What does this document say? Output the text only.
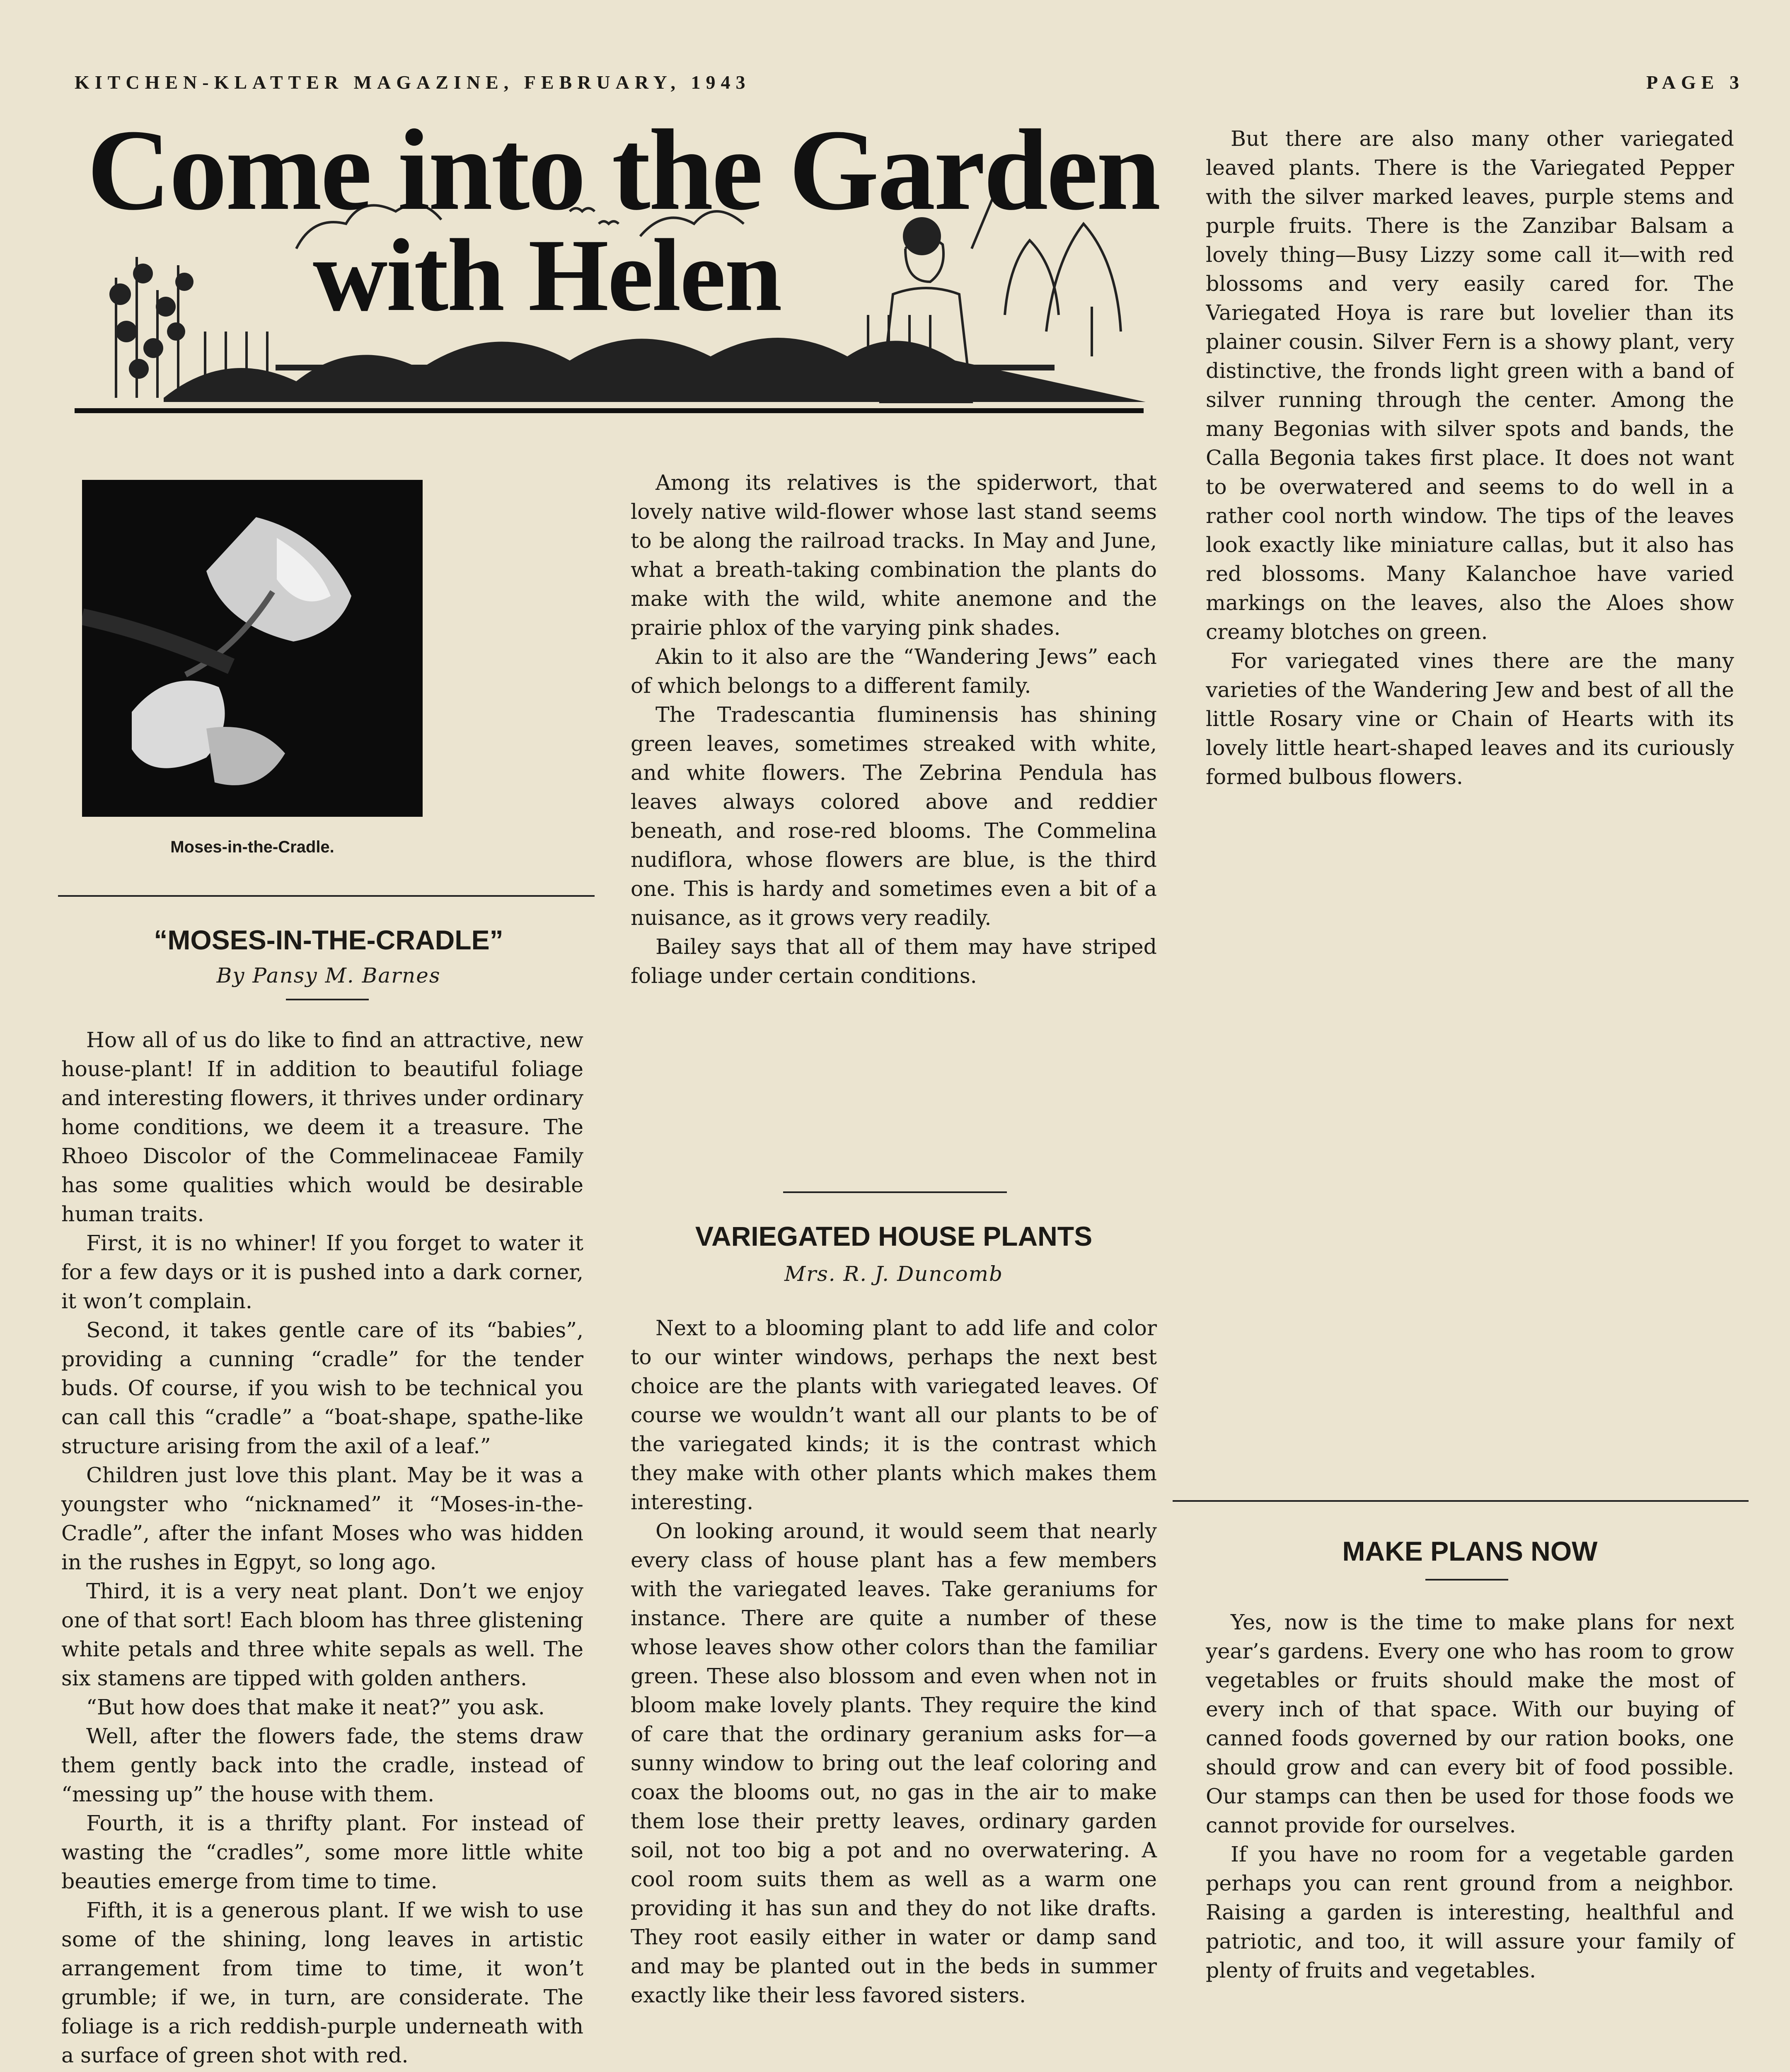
KITCHEN-KLATTER MAGAZINE, FEBRUARY, 1943	PAGE 3
Come into the Garden
with Helen
Moses-in-the-Cradle.
“MOSES-IN-THE-CRADLE”
By Pansy M. Barnes

How all of us do like to find an attractive, new house-plant! If in addition to beautiful foliage and interesting flowers, it thrives under ordinary home conditions, we deem it a treasure. The Rhoeo Discolor of the Commelinaceae Family has some qualities which would be desirable human traits.

First, it is no whiner! If you forget to water it for a few days or it is pushed into a dark corner, it won’t complain.

Second, it takes gentle care of its “babies”, providing a cunning “cradle” for the tender buds. Of course, if you wish to be technical you can call this “cradle” a “boat-shape, spathe-like structure arising from the axil of a leaf.”

Children just love this plant. May be it was a youngster who “nicknamed” it “Moses-in-the-Cradle”, after the infant Moses who was hidden in the rushes in Egpyt, so long ago.

Third, it is a very neat plant. Don’t we enjoy one of that sort! Each bloom has three glistening white petals and three white sepals as well. The six stamens are tipped with golden anthers.

“But how does that make it neat?” you ask.

Well, after the flowers fade, the stems draw them gently back into the cradle, instead of “messing up” the house with them.

Fourth, it is a thrifty plant. For instead of wasting the “cradles”, some more little white beauties emerge from time to time.

Fifth, it is a generous plant. If we wish to use some of the shining, long leaves in artistic arrangement from time to time, it won’t grumble; if we, in turn, are considerate. The foliage is a rich reddish-purple underneath with a surface of green shot with red.

Among its relatives is the spiderwort, that lovely native wild-flower whose last stand seems to be along the railroad tracks. In May and June, what a breath-taking combination the plants do make with the wild, white anemone and the prairie phlox of the varying pink shades.

Akin to it also are the “Wandering Jews” each of which belongs to a different family.

The Tradescantia fluminensis has shining green leaves, sometimes streaked with white, and white flowers. The Zebrina Pendula has leaves always colored above and reddier beneath, and rose-red blooms. The Commelina nudiflora, whose flowers are blue, is the third one. This is hardy and sometimes even a bit of a nuisance, as it grows very readily.

Bailey says that all of them may have striped foliage under certain conditions.

VARIEGATED HOUSE PLANTS
Mrs. R. J. Duncomb

Next to a blooming plant to add life and color to our winter windows, perhaps the next best choice are the plants with variegated leaves. Of course we wouldn’t want all our plants to be of the variegated kinds; it is the contrast which they make with other plants which makes them interesting.

On looking around, it would seem that nearly every class of house plant has a few members with the variegated leaves. Take geraniums for instance. There are quite a number of these whose leaves show other colors than the familiar green. These also blossom and even when not in bloom make lovely plants. They require the kind of care that the ordinary geranium asks for—a sunny window to bring out the leaf coloring and coax the blooms out, no gas in the air to make them lose their pretty leaves, ordinary garden soil, not too big a pot and no overwatering. A cool room suits them as well as a warm one providing it has sun and they do not like drafts. They root easily either in water or damp sand and may be planted out in the beds in summer exactly like their less favored sisters.

But there are also many other variegated leaved plants. There is the Variegated Pepper with the silver marked leaves, purple stems and purple fruits. There is the Zanzibar Balsam a lovely thing—Busy Lizzy some call it—with red blossoms and very easily cared for. The Variegated Hoya is rare but lovelier than its plainer cousin. Silver Fern is a showy plant, very distinctive, the fronds light green with a band of silver running through the center. Among the many Begonias with silver spots and bands, the Calla Begonia takes first place. It does not want to be overwatered and seems to do well in a rather cool north window. The tips of the leaves look exactly like miniature callas, but it also has red blossoms. Many Kalanchoe have varied markings on the leaves, also the Aloes show creamy blotches on green.

For variegated vines there are the many varieties of the Wandering Jew and best of all the little Rosary vine or Chain of Hearts with its lovely little heart-shaped leaves and its curiously formed bulbous flowers.

MAKE PLANS NOW

Yes, now is the time to make plans for next year’s gardens. Every one who has room to grow vegetables or fruits should make the most of every inch of that space. With our buying of canned foods governed by our ration books, one should grow and can every bit of food possible. Our stamps can then be used for those foods we cannot provide for ourselves.

If you have no room for a vegetable garden perhaps you can rent ground from a neighbor. Raising a garden is interesting, healthful and patriotic, and too, it will assure your family of plenty of fruits and vegetables.
